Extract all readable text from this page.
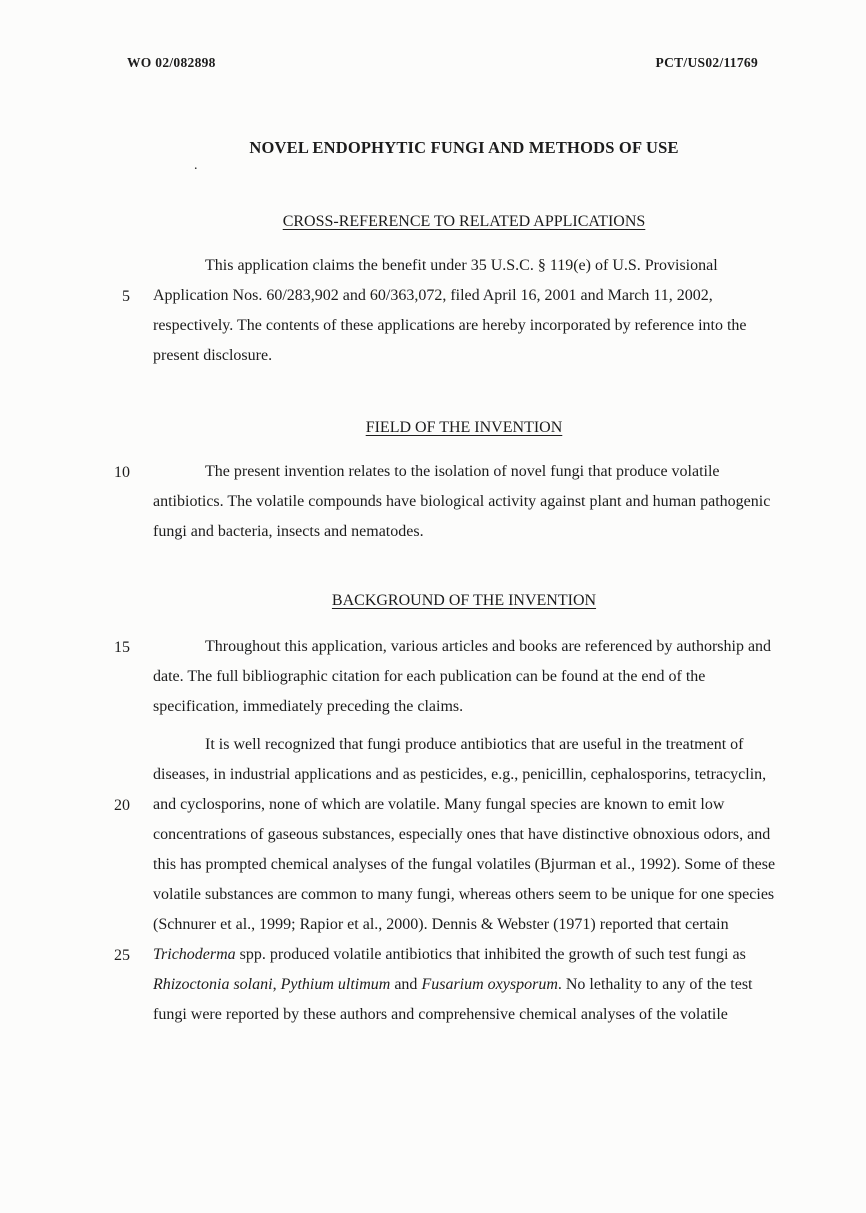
WO 02/082898	PCT/US02/11769
NOVEL ENDOPHYTIC FUNGI AND METHODS OF USE
.
5
10
15
20
25
CROSS-REFERENCE TO RELATED APPLICATIONS

This application claims the benefit under 35 U.S.C. § 119(e) of U.S. Provisional Application Nos. 60/283,902 and 60/363,072, filed April 16, 2001 and March 11, 2002, respectively. The contents of these applications are hereby incorporated by reference into the present disclosure.

FIELD OF THE INVENTION

The present invention relates to the isolation of novel fungi that produce volatile antibiotics. The volatile compounds have biological activity against plant and human pathogenic fungi and bacteria, insects and nematodes.

BACKGROUND OF THE INVENTION

Throughout this application, various articles and books are referenced by authorship and date. The full bibliographic citation for each publication can be found at the end of the specification, immediately preceding the claims.

It is well recognized that fungi produce antibiotics that are useful in the treatment of diseases, in industrial applications and as pesticides, e.g., penicillin, cephalosporins, tetracyclin, and cyclosporins, none of which are volatile. Many fungal species are known to emit low concentrations of gaseous substances, especially ones that have distinctive obnoxious odors, and this has prompted chemical analyses of the fungal volatiles (Bjurman et al., 1992). Some of these volatile substances are common to many fungi, whereas others seem to be unique for one species (Schnurer et al., 1999; Rapior et al., 2000). Dennis & Webster (1971) reported that certain Trichoderma spp. produced volatile antibiotics that inhibited the growth of such test fungi as Rhizoctonia solani, Pythium ultimum and Fusarium oxysporum. No lethality to any of the test fungi were reported by these authors and comprehensive chemical analyses of the volatile
